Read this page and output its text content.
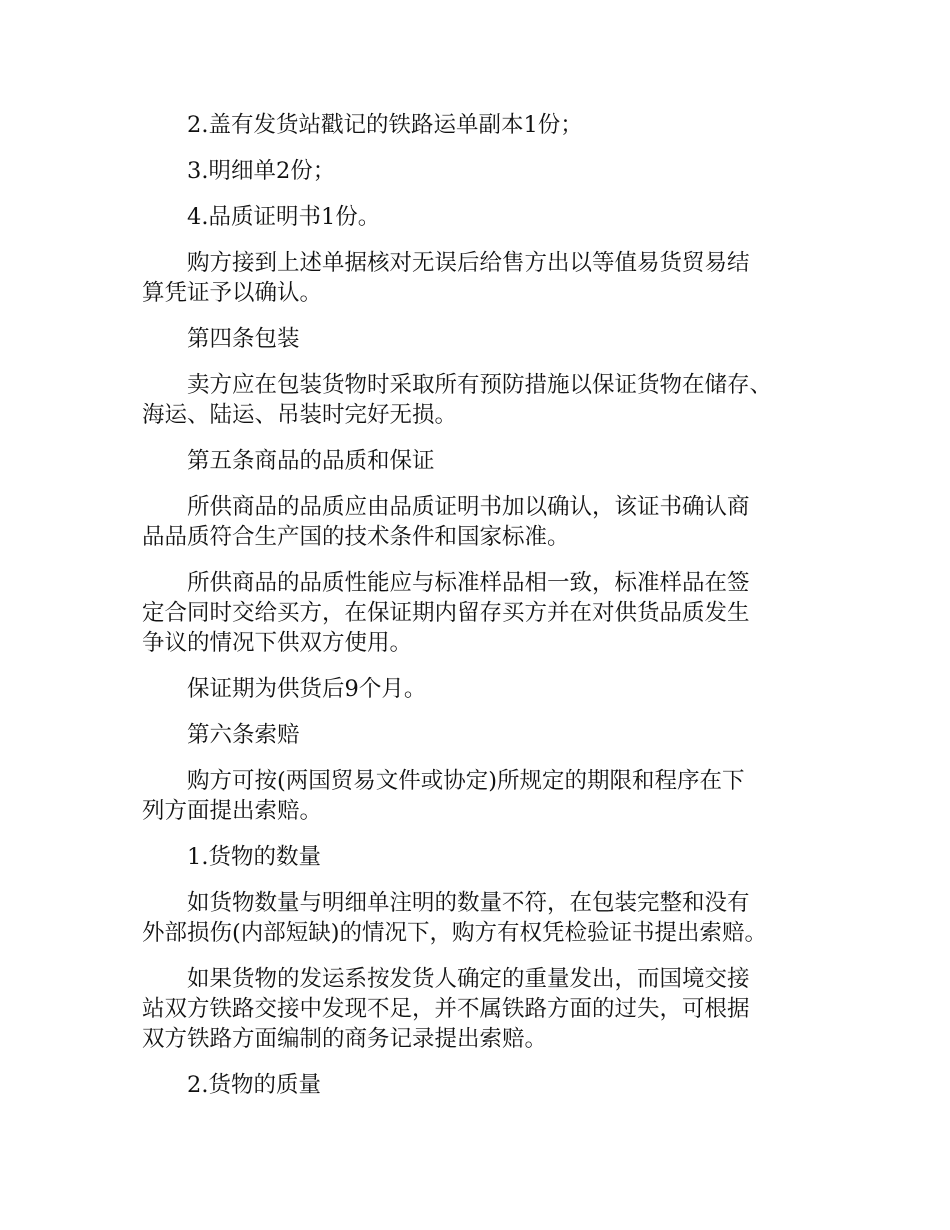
2.盖有发货站戳记的铁路运单副本1份；
3.明细单2份；
4.品质证明书1份。
购方接到上述单据核对无误后给售方出以等值易货贸易结
算凭证予以确认。
第四条包装
卖方应在包装货物时采取所有预防措施以保证货物在储存、
海运、陆运、吊装时完好无损。
第五条商品的品质和保证
所供商品的品质应由品质证明书加以确认，该证书确认商
品品质符合生产国的技术条件和国家标准。
所供商品的品质性能应与标准样品相一致，标准样品在签
定合同时交给买方，在保证期内留存买方并在对供货品质发生
争议的情况下供双方使用。
保证期为供货后9个月。
第六条索赔
购方可按(两国贸易文件或协定)所规定的期限和程序在下
列方面提出索赔。
1.货物的数量
如货物数量与明细单注明的数量不符，在包装完整和没有
外部损伤(内部短缺)的情况下，购方有权凭检验证书提出索赔。
如果货物的发运系按发货人确定的重量发出，而国境交接
站双方铁路交接中发现不足，并不属铁路方面的过失，可根据
双方铁路方面编制的商务记录提出索赔。
2.货物的质量
